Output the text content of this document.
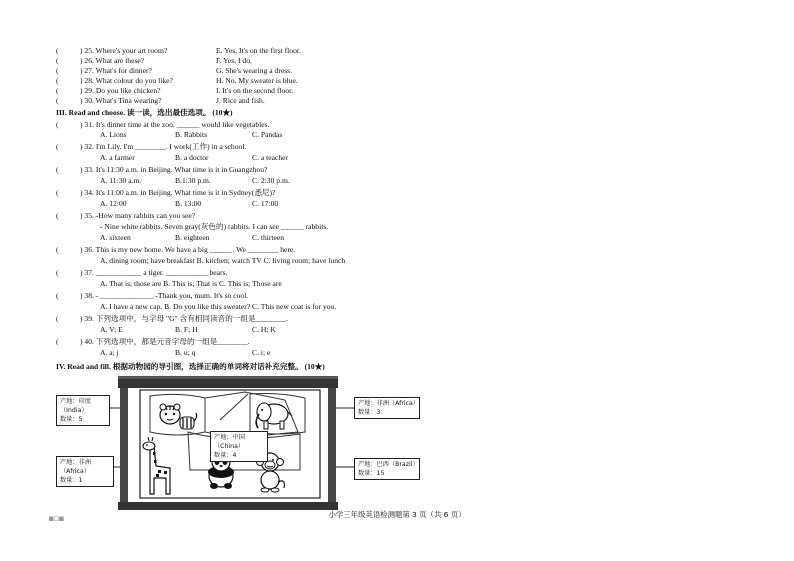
(	) 25. Where's your art room?	E. Yes. It's on the first floor.
(	) 26. What are these?	F. Yes, I do.
(	) 27. What's for dinner?	G. She's wearing a dress.
(	) 28. What colour do you like?	H. No. My sweater is blue.
(	) 29. Do you like chicken?	I. It's on the second floor.
(	) 30. What's Tina wearing?	J. Rice and fish.
III. Read and choose. 读一读，选出最佳选项。 (10★)
(	) 31. It's dinner time at the zoo. ______ would like vegetables.
A. Lions	B. Rabbits	C. Pandas
(	) 32. I'm Lily. I'm ________. I work(工作) in a school.
A. a farmer	B. a doctor	C. a teacher
(	) 33. It's 11:30 a.m. in Beijing. What time is it in Guangzhou?
A. 11:30 a.m.	B.1:30 p.m.	C. 2:30 p.m.
(	) 34. It's 11:00 a.m. in Beijing. What time is it in Sydney(悉尼)?
A. 12:00	B. 13:00	C. 17:00
(	) 35. -How many rabbits can you see?
- Nine white rabbits. Seven gray(灰色的) rabbits. I can see ______ rabbits.
A. sixteen	B. eighteen	C. thirteen
(	) 36. This is my new home. We have a big ______. We ________ here.
A. dining room; have breakfast B. kitchen; watch TV C. living room; have lunch
(	) 37. ____________ a tiger. ___________ bears.
A. That is; those are B. This is; That is C. This is; Those are
(	) 38. - ______________ -Thank you, mum. It's so cool.
A. I have a new cap. B. Do you like this sweater? C. This new coat is for you.
(	) 39. 下列选项中，与字母 "G" 含有相同读音的一组是________.
A. V; E	B. F; H	C. H; K
(	) 40. 下列选项中，都是元音字母的一组是________.
A. a; j	B. u; q	C. i; e
IV. Read and fill. 根据动物园的导引图，选择正确的单词将对话补充完整。 (10★)
产地：印度（India）
数量：5
产地：非洲（Africa）
数量：3
产地：中国（China）
数量：4
产地：非洲（Africa）
数量：1
产地：巴西（Brazil）
数量：15
▪▫▪	小学三年级英语检测题第 3 页（共 6 页）
